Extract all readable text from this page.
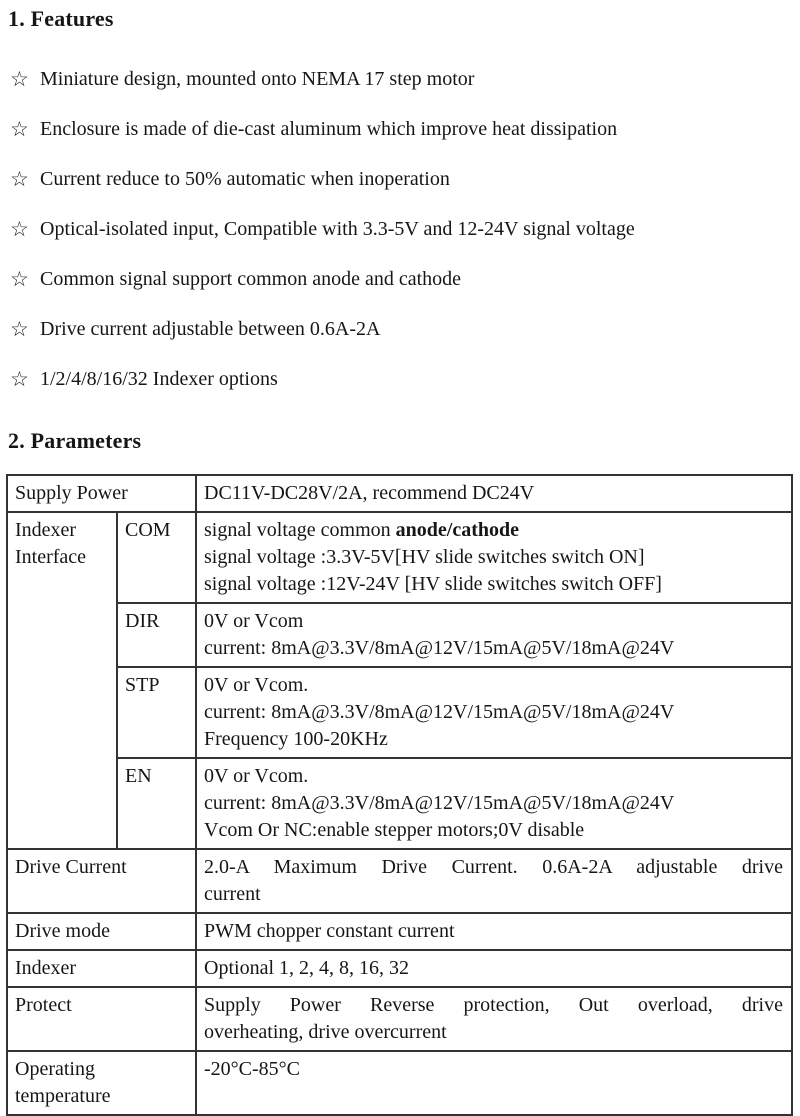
1. Features
☆ Miniature design, mounted onto NEMA 17 step motor
☆ Enclosure is made of die-cast aluminum which improve heat dissipation
☆ Current reduce to 50% automatic when inoperation
☆ Optical-isolated input, Compatible with 3.3-5V and 12-24V signal voltage
☆ Common signal support common anode and cathode
☆ Drive current adjustable between 0.6A-2A
☆ 1/2/4/8/16/32 Indexer options
2. Parameters
Supply Power		DC11V-DC28V/2A, recommend DC24V
Indexer Interface	COM	signal voltage common anode/cathode
signal voltage :3.3V-5V[HV slide switches switch ON]
signal voltage :12V-24V [HV slide switches switch OFF]

	DIR	0V or Vcom
current: 8mA@3.3V/8mA@12V/15mA@5V/18mA@24V

	STP	0V or Vcom.
current: 8mA@3.3V/8mA@12V/15mA@5V/18mA@24V
Frequency 100-20KHz

	EN	0V or Vcom.
current: 8mA@3.3V/8mA@12V/15mA@5V/18mA@24V
Vcom Or NC:enable stepper motors;0V disable

Drive Current		2.0-A Maximum Drive Current. 0.6A-2A adjustable drive
current

Drive mode		PWM chopper constant current
Indexer		Optional 1, 2, 4, 8, 16, 32
Protect		Supply Power Reverse protection, Out overload, drive
overheating, drive overcurrent

Operating temperature		-20°C-85°C
